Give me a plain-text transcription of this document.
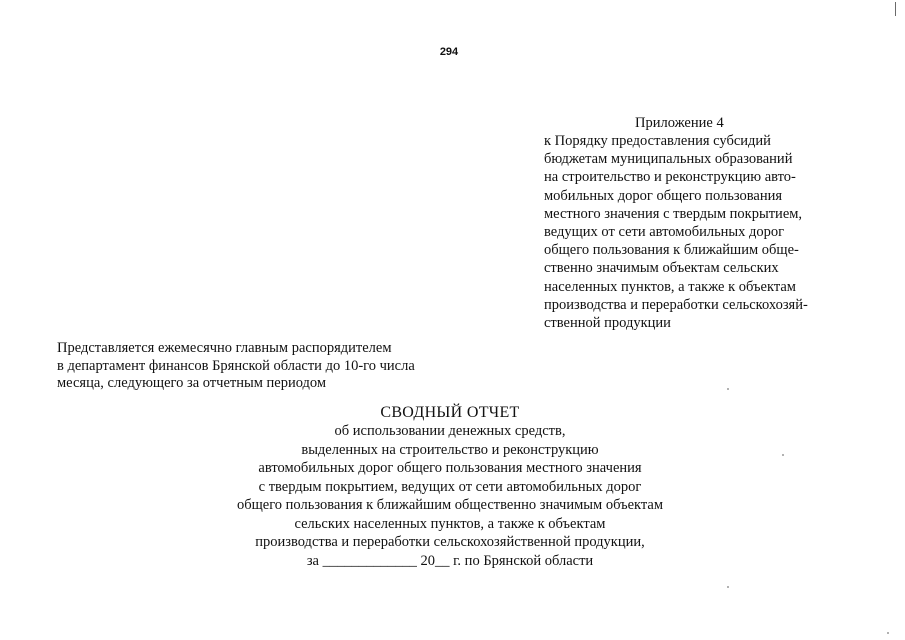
294
Приложение 4
к Порядку предоставления субсидий
бюджетам муниципальных образований
на строительство и реконструкцию авто-
мобильных дорог общего пользования
местного значения с твердым покрытием,
ведущих от сети автомобильных дорог
общего пользования к ближайшим обще-
ственно значимым объектам сельских
населенных пунктов, а также к объектам
производства и переработки сельскохозяй-
ственной продукции
Представляется ежемесячно главным распорядителем
в департамент финансов Брянской области до 10-го числа
месяца, следующего за отчетным периодом
СВОДНЫЙ ОТЧЕТ
об использовании денежных средств,
выделенных на строительство и реконструкцию
автомобильных дорог общего пользования местного значения
с твердым покрытием, ведущих от сети автомобильных дорог
общего пользования к ближайшим общественно значимым объектам
сельских населенных пунктов, а также к объектам
производства и переработки сельскохозяйственной продукции,
за _____________ 20__ г. по Брянской области
